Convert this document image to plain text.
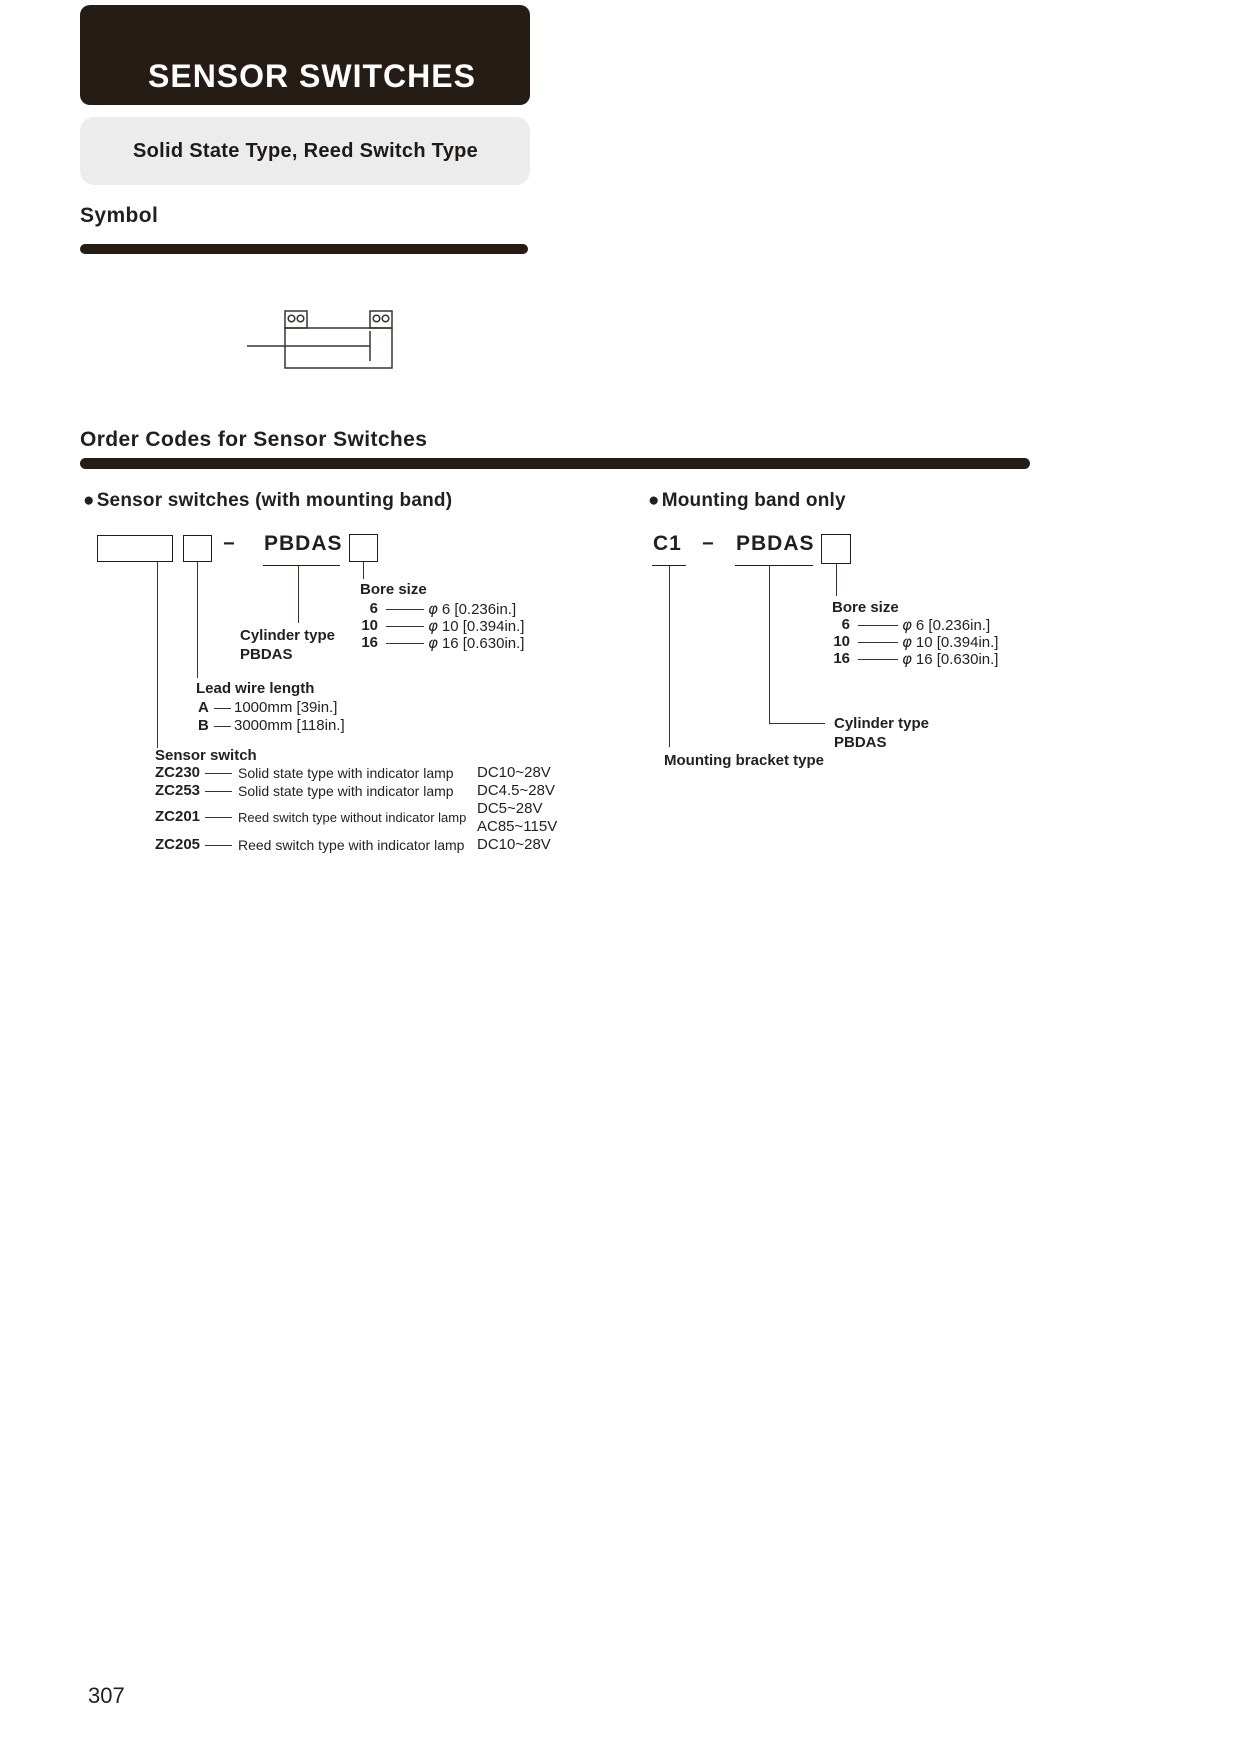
SENSOR SWITCHES
Solid State Type, Reed Switch Type
Symbol
Order Codes for Sensor Switches
● Sensor switches (with mounting band)
− PBDAS
Bore size
6	φ 6 [0.236in.]
10	φ 10 [0.394in.]
16	φ 16 [0.630in.]
Cylinder type
PBDAS
Lead wire length
A 1000mm [39in.]
B 3000mm [118in.]
Sensor switch
ZC230	Solid state type with indicator lamp DC10~28V
ZC253	Solid state type with indicator lamp DC4.5~28V
ZC201	Reed switch type without indicator lamp
DC5~28V
AC85~115V
ZC205	Reed switch type with indicator lamp DC10~28V
● Mounting band only
C1 − PBDAS
Bore size
6	φ 6 [0.236in.]
10	φ 10 [0.394in.]
16	φ 16 [0.630in.]
Cylinder type
PBDAS
Mounting bracket type
307
